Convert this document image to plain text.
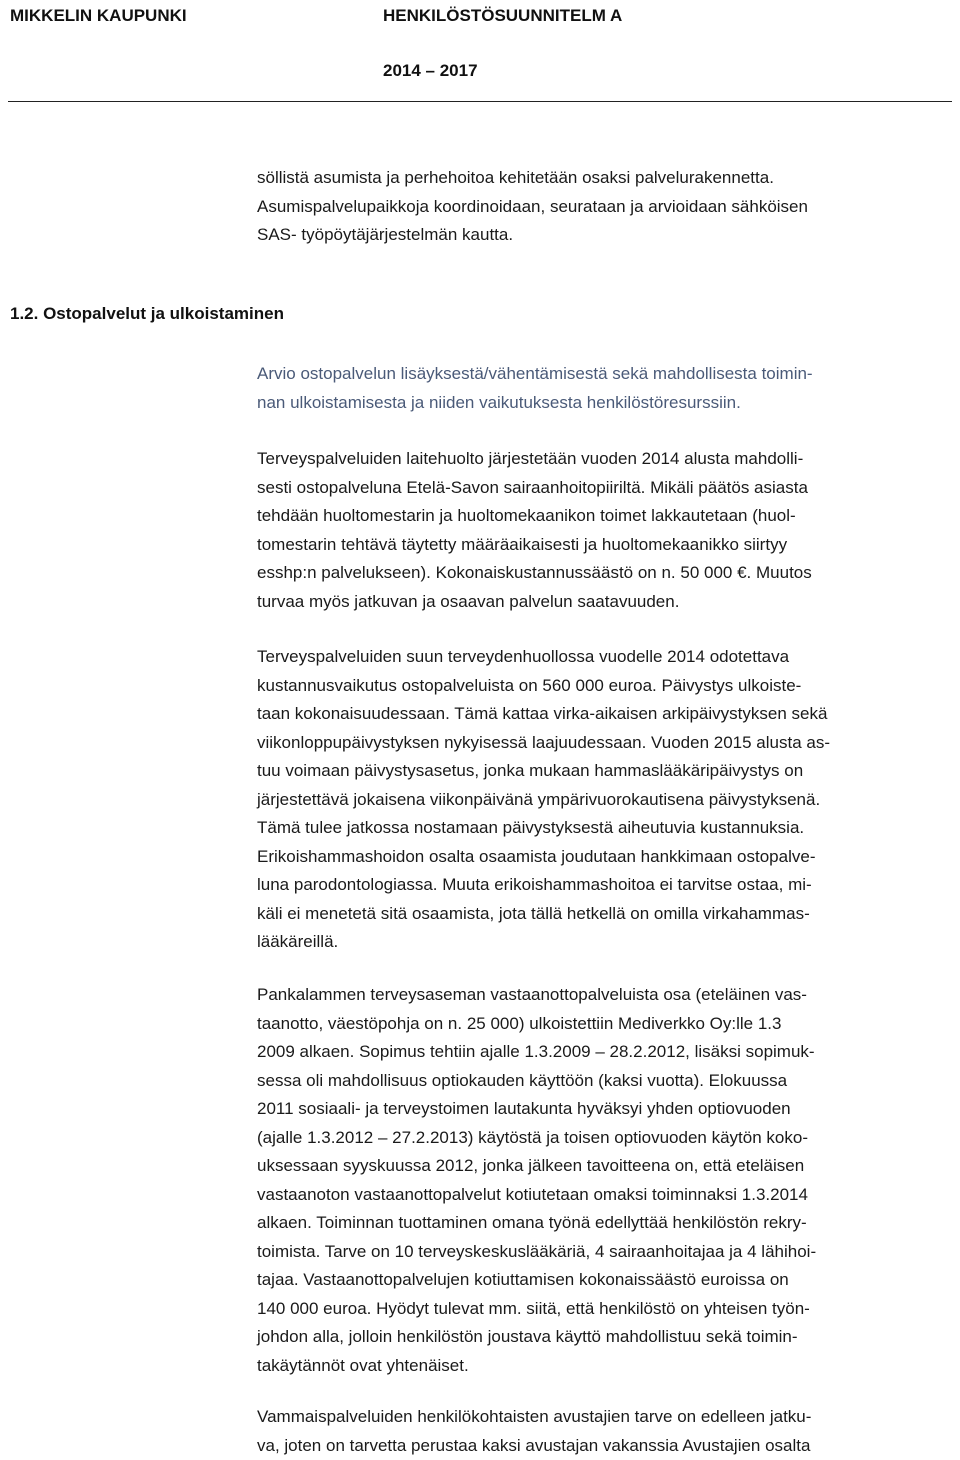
MIKKELIN KAUPUNKI	HENKILÖSTÖSUUNNITELM A
2014 – 2017

söllistä asumista ja perhehoitoa kehitetään osaksi palvelurakennetta.
Asumispalvelupaikkoja koordinoidaan, seurataan ja arvioidaan sähköisen
SAS- työpöytäjärjestelmän kautta.

1.2. Ostopalvelut ja ulkoistaminen

Arvio ostopalvelun lisäyksestä/vähentämisestä sekä mahdollisesta toimin-
nan ulkoistamisesta ja niiden vaikutuksesta henkilöstöresurssiin.

Terveyspalveluiden laitehuolto järjestetään vuoden 2014 alusta mahdolli-
sesti ostopalveluna Etelä-Savon sairaanhoitopiiriltä. Mikäli päätös asiasta
tehdään huoltomestarin ja huoltomekaanikon toimet lakkautetaan (huol-
tomestarin tehtävä täytetty määräaikaisesti ja huoltomekaanikko siirtyy
esshp:n palvelukseen). Kokonaiskustannussäästö on n. 50 000 €. Muutos
turvaa myös jatkuvan ja osaavan palvelun saatavuuden.

Terveyspalveluiden suun terveydenhuollossa vuodelle 2014 odotettava
kustannusvaikutus ostopalveluista on 560 000 euroa. Päivystys ulkoiste-
taan kokonaisuudessaan. Tämä kattaa virka-aikaisen arkipäivystyksen sekä
viikonloppupäivystyksen nykyisessä laajuudessaan. Vuoden 2015 alusta as-
tuu voimaan päivystysasetus, jonka mukaan hammaslääkäripäivystys on
järjestettävä jokaisena viikonpäivänä ympärivuorokautisena päivystyksenä.
Tämä tulee jatkossa nostamaan päivystyksestä aiheutuvia kustannuksia.
Erikoishammashoidon osalta osaamista joudutaan hankkimaan ostopalve-
luna parodontologiassa. Muuta erikoishammashoitoa ei tarvitse ostaa, mi-
käli ei menetetä sitä osaamista, jota tällä hetkellä on omilla virkahammas-
lääkäreillä.

Pankalammen terveysaseman vastaanottopalveluista osa (eteläinen vas-
taanotto, väestöpohja on n. 25 000) ulkoistettiin Mediverkko Oy:lle 1.3
2009 alkaen. Sopimus tehtiin ajalle 1.3.2009 – 28.2.2012, lisäksi sopimuk-
sessa oli mahdollisuus optiokauden käyttöön (kaksi vuotta). Elokuussa
2011 sosiaali- ja terveystoimen lautakunta hyväksyi yhden optiovuoden
(ajalle 1.3.2012 – 27.2.2013) käytöstä ja toisen optiovuoden käytön koko-
uksessaan syyskuussa 2012, jonka jälkeen tavoitteena on, että eteläisen
vastaanoton vastaanottopalvelut kotiutetaan omaksi toiminnaksi 1.3.2014
alkaen. Toiminnan tuottaminen omana työnä edellyttää henkilöstön rekry-
toimista. Tarve on 10 terveyskeskuslääkäriä, 4 sairaanhoitajaa ja 4 lähihoi-
tajaa. Vastaanottopalvelujen kotiuttamisen kokonaissäästö euroissa on
140 000 euroa. Hyödyt tulevat mm. siitä, että henkilöstö on yhteisen työn-
johdon alla, jolloin henkilöstön joustava käyttö mahdollistuu sekä toimin-
takäytännöt ovat yhtenäiset.

Vammaispalveluiden henkilökohtaisten avustajien tarve on edelleen jatku-
va, joten on tarvetta perustaa kaksi avustajan vakanssia Avustajien osalta
